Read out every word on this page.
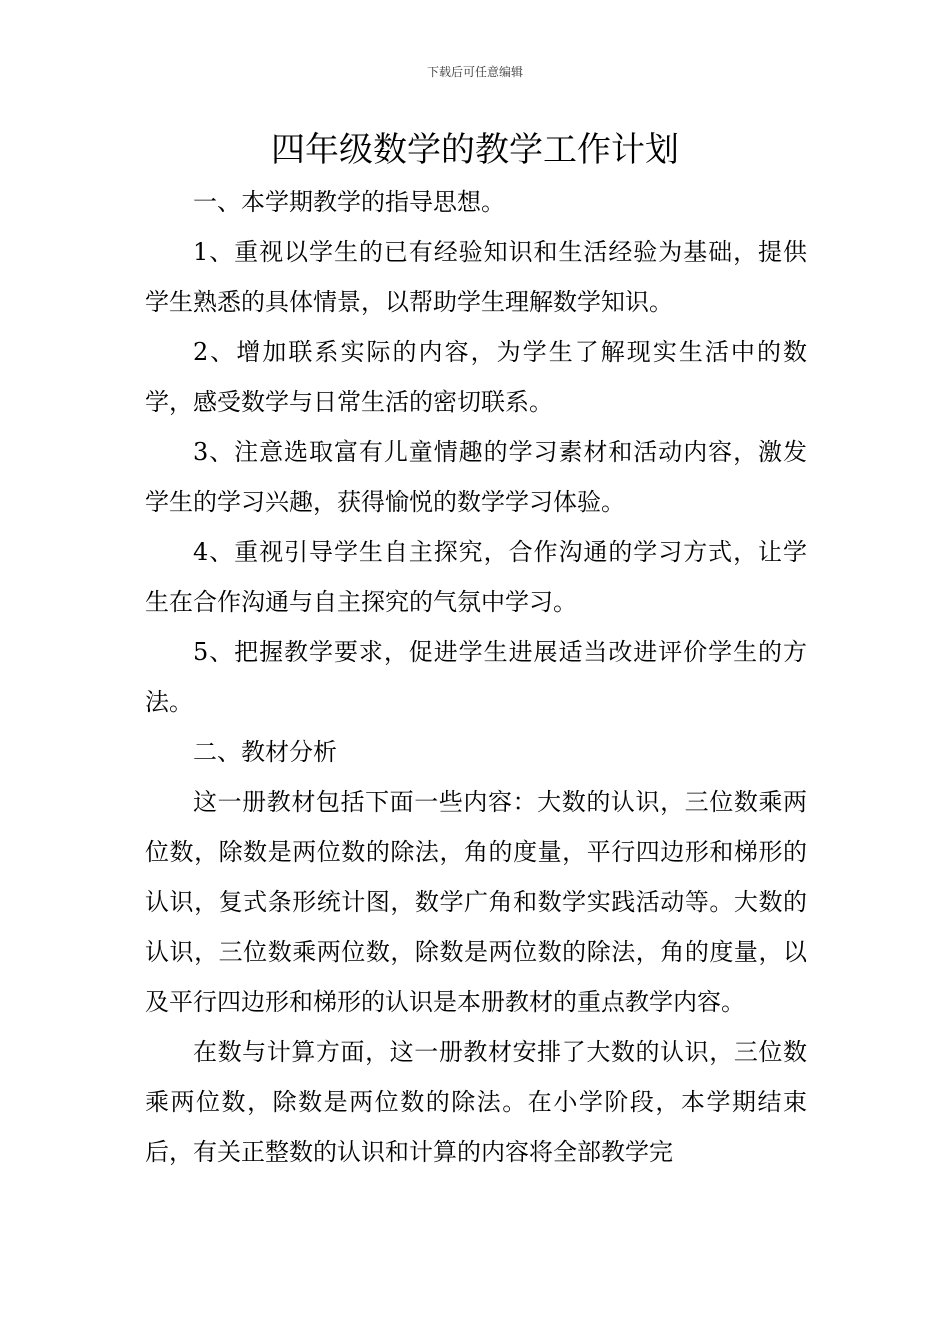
下载后可任意编辑
四年级数学的教学工作计划

一、本学期教学的指导思想。

1、重视以学生的已有经验知识和生活经验为基础，提供学生熟悉的具体情景，以帮助学生理解数学知识。

2、增加联系实际的内容，为学生了解现实生活中的数学，感受数学与日常生活的密切联系。

3、注意选取富有儿童情趣的学习素材和活动内容，激发学生的学习兴趣，获得愉悦的数学学习体验。

4、重视引导学生自主探究，合作沟通的学习方式，让学生在合作沟通与自主探究的气氛中学习。

5、把握教学要求，促进学生进展适当改进评价学生的方法。

二、教材分析

这一册教材包括下面一些内容：大数的认识，三位数乘两位数，除数是两位数的除法，角的度量，平行四边形和梯形的认识，复式条形统计图，数学广角和数学实践活动等。大数的认识，三位数乘两位数，除数是两位数的除法，角的度量，以及平行四边形和梯形的认识是本册教材的重点教学内容。

在数与计算方面，这一册教材安排了大数的认识，三位数乘两位数，除数是两位数的除法。在小学阶段，本学期结束后，有关正整数的认识和计算的内容将全部教学完
